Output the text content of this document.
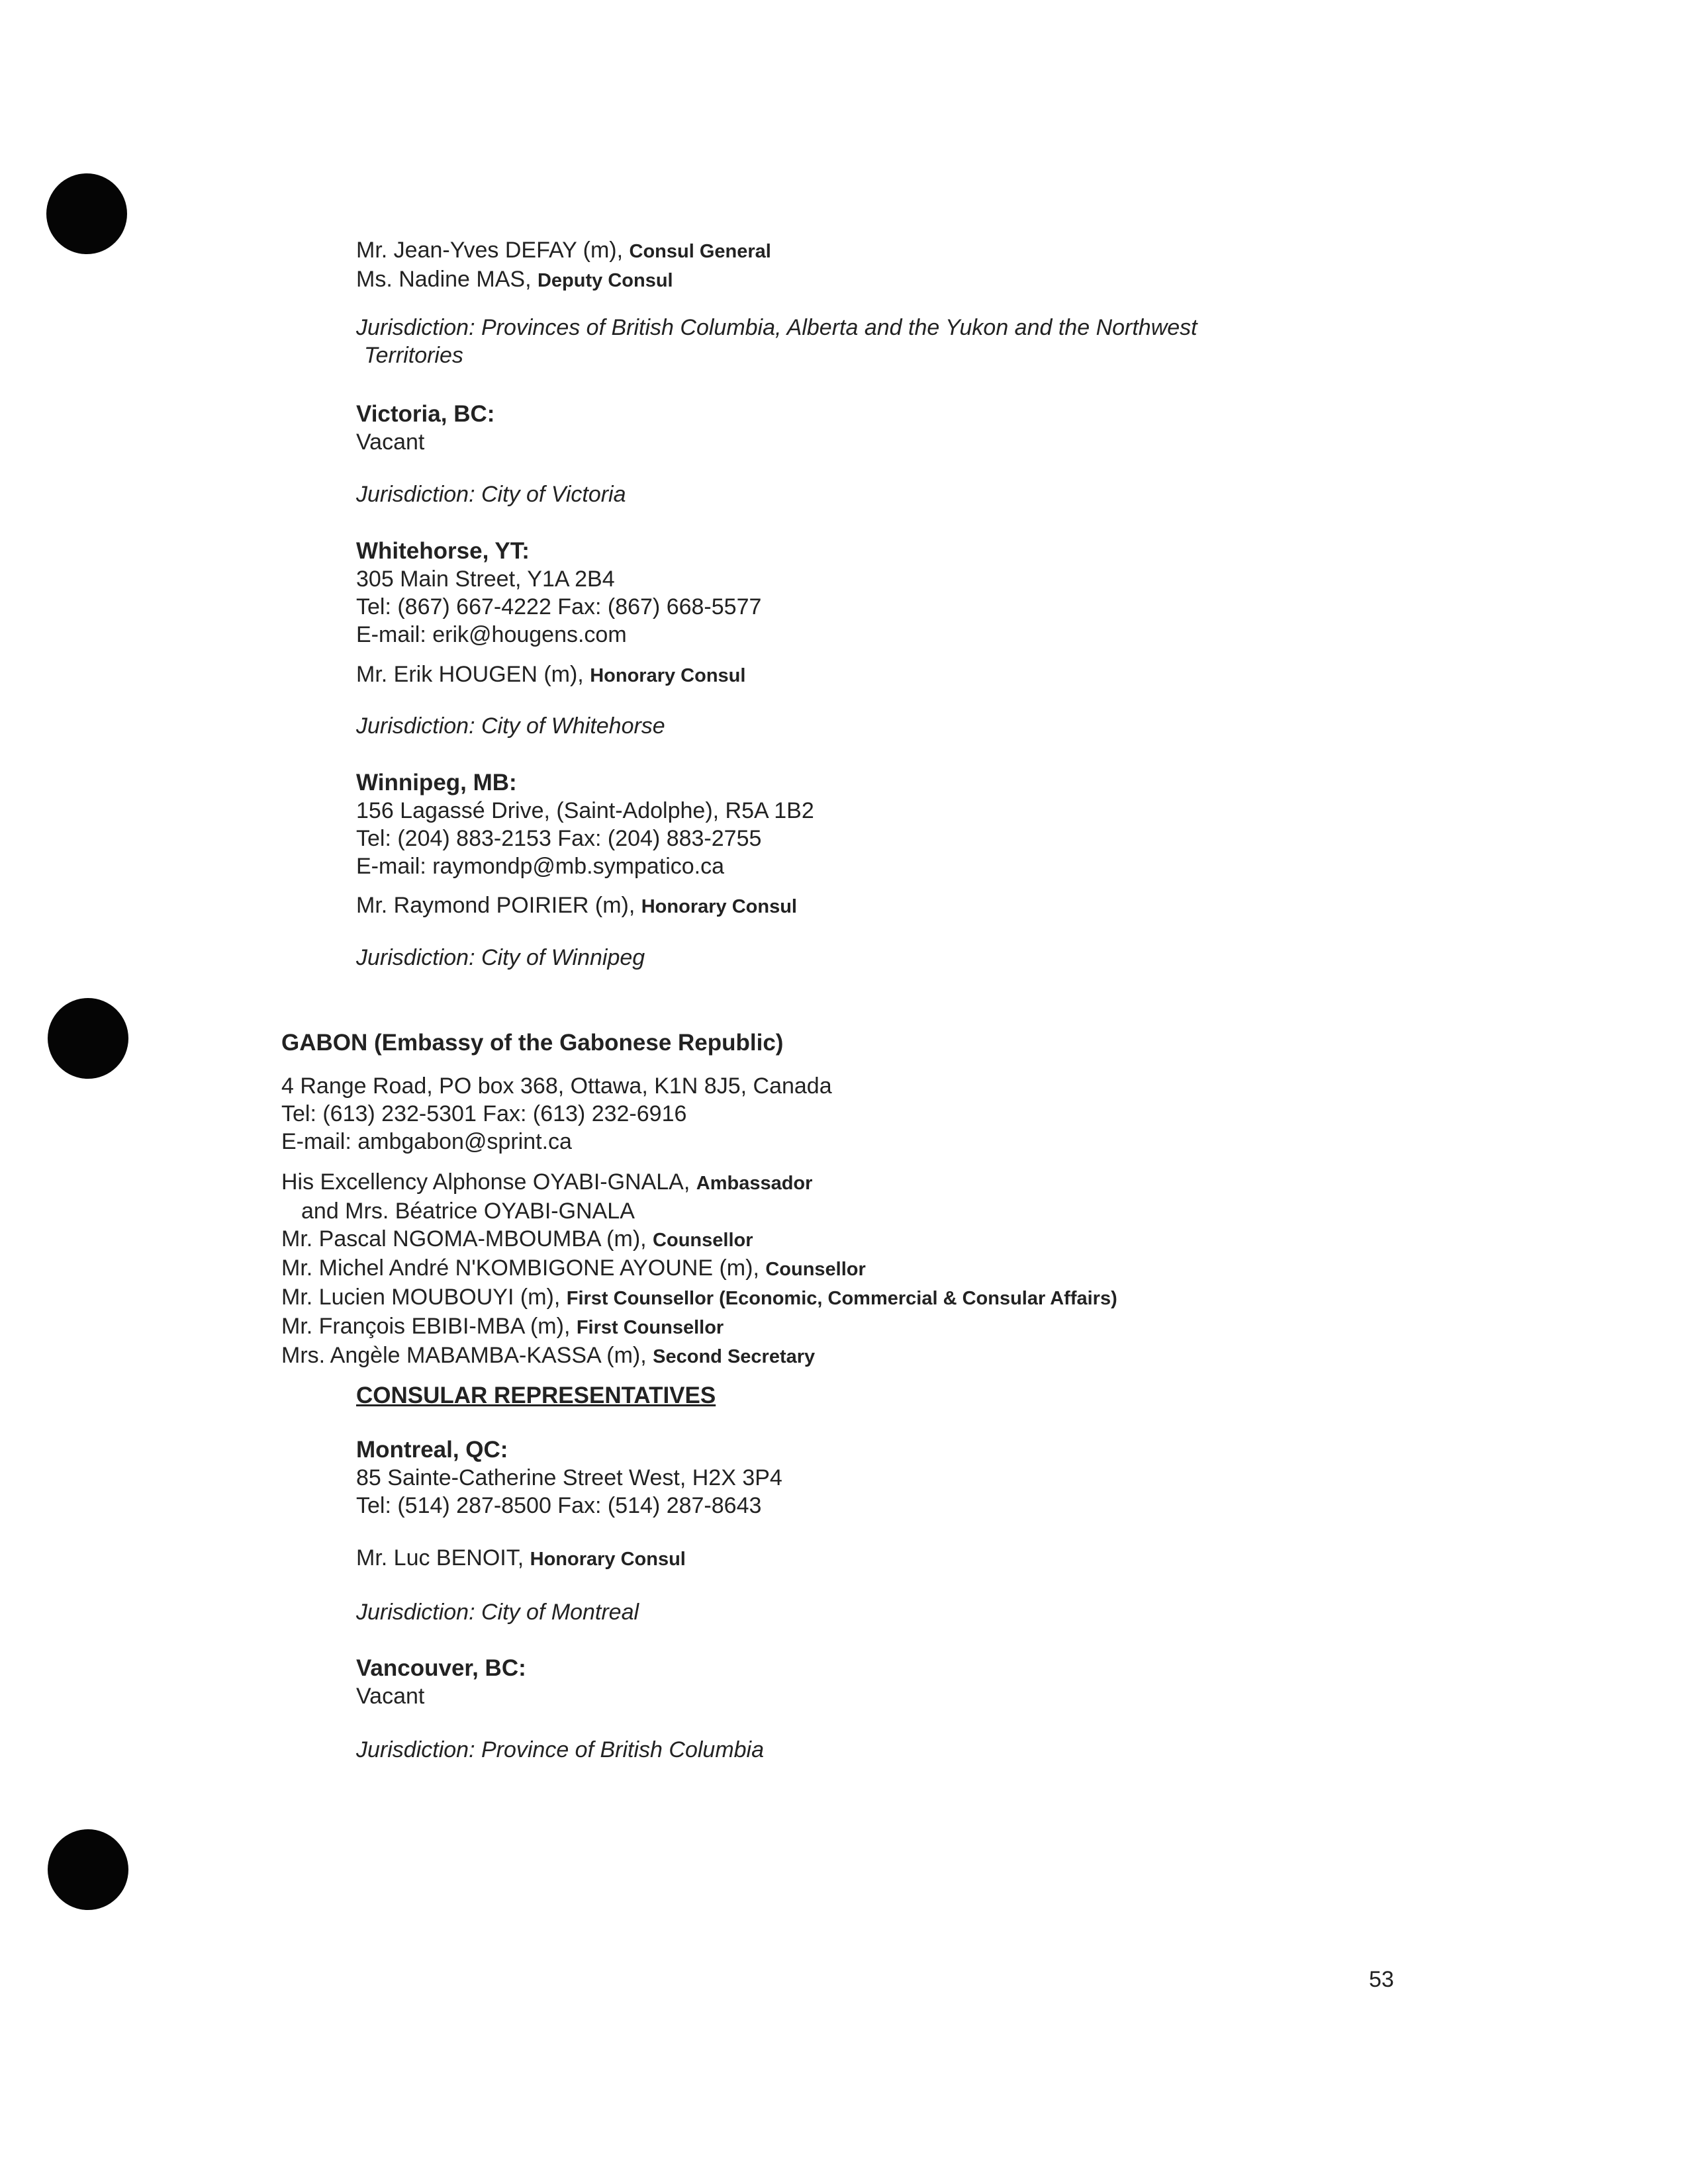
Mr. Jean-Yves DEFAY (m), Consul General
Ms. Nadine MAS, Deputy Consul
Jurisdiction: Provinces of British Columbia, Alberta and the Yukon and the Northwest
Territories
Victoria, BC:
Vacant
Jurisdiction: City of Victoria
Whitehorse, YT:
305 Main Street, Y1A 2B4
Tel: (867) 667-4222 Fax: (867) 668-5577
E-mail: erik@hougens.com
Mr. Erik HOUGEN (m), Honorary Consul
Jurisdiction: City of Whitehorse
Winnipeg, MB:
156 Lagassé Drive, (Saint-Adolphe), R5A 1B2
Tel: (204) 883-2153 Fax: (204) 883-2755
E-mail: raymondp@mb.sympatico.ca
Mr. Raymond POIRIER (m), Honorary Consul
Jurisdiction: City of Winnipeg
GABON (Embassy of the Gabonese Republic)
4 Range Road, PO box 368, Ottawa, K1N 8J5, Canada
Tel: (613) 232-5301 Fax: (613) 232-6916
E-mail: ambgabon@sprint.ca
His Excellency Alphonse OYABI-GNALA, Ambassador
and Mrs. Béatrice OYABI-GNALA
Mr. Pascal NGOMA-MBOUMBA (m), Counsellor
Mr. Michel André N'KOMBIGONE AYOUNE (m), Counsellor
Mr. Lucien MOUBOUYI (m), First Counsellor (Economic, Commercial & Consular Affairs)
Mr. François EBIBI-MBA (m), First Counsellor
Mrs. Angèle MABAMBA-KASSA (m), Second Secretary
CONSULAR REPRESENTATIVES
Montreal, QC:
85 Sainte-Catherine Street West, H2X 3P4
Tel: (514) 287-8500 Fax: (514) 287-8643
Mr. Luc BENOIT, Honorary Consul
Jurisdiction: City of Montreal
Vancouver, BC:
Vacant
Jurisdiction: Province of British Columbia
53
